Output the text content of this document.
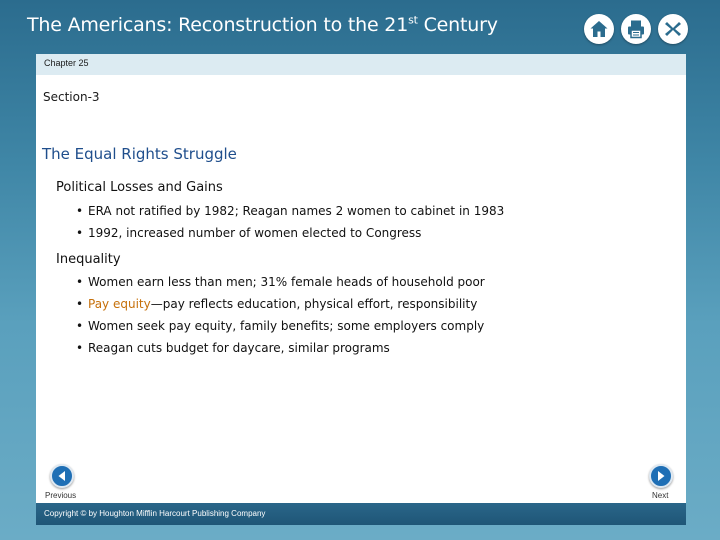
The Americans: Reconstruction to the 21st Century
Chapter 25
Section-3
The Equal Rights Struggle
Political Losses and Gains
• ERA not ratified by 1982; Reagan names 2 women to cabinet in 1983
• 1992, increased number of women elected to Congress
Inequality
• Women earn less than men; 31% female heads of household poor
• Pay equity—pay reflects education, physical effort, responsibility
• Women seek pay equity, family benefits; some employers comply
• Reagan cuts budget for daycare, similar programs
Previous	Next
Copyright © by Houghton Mifflin Harcourt Publishing Company
